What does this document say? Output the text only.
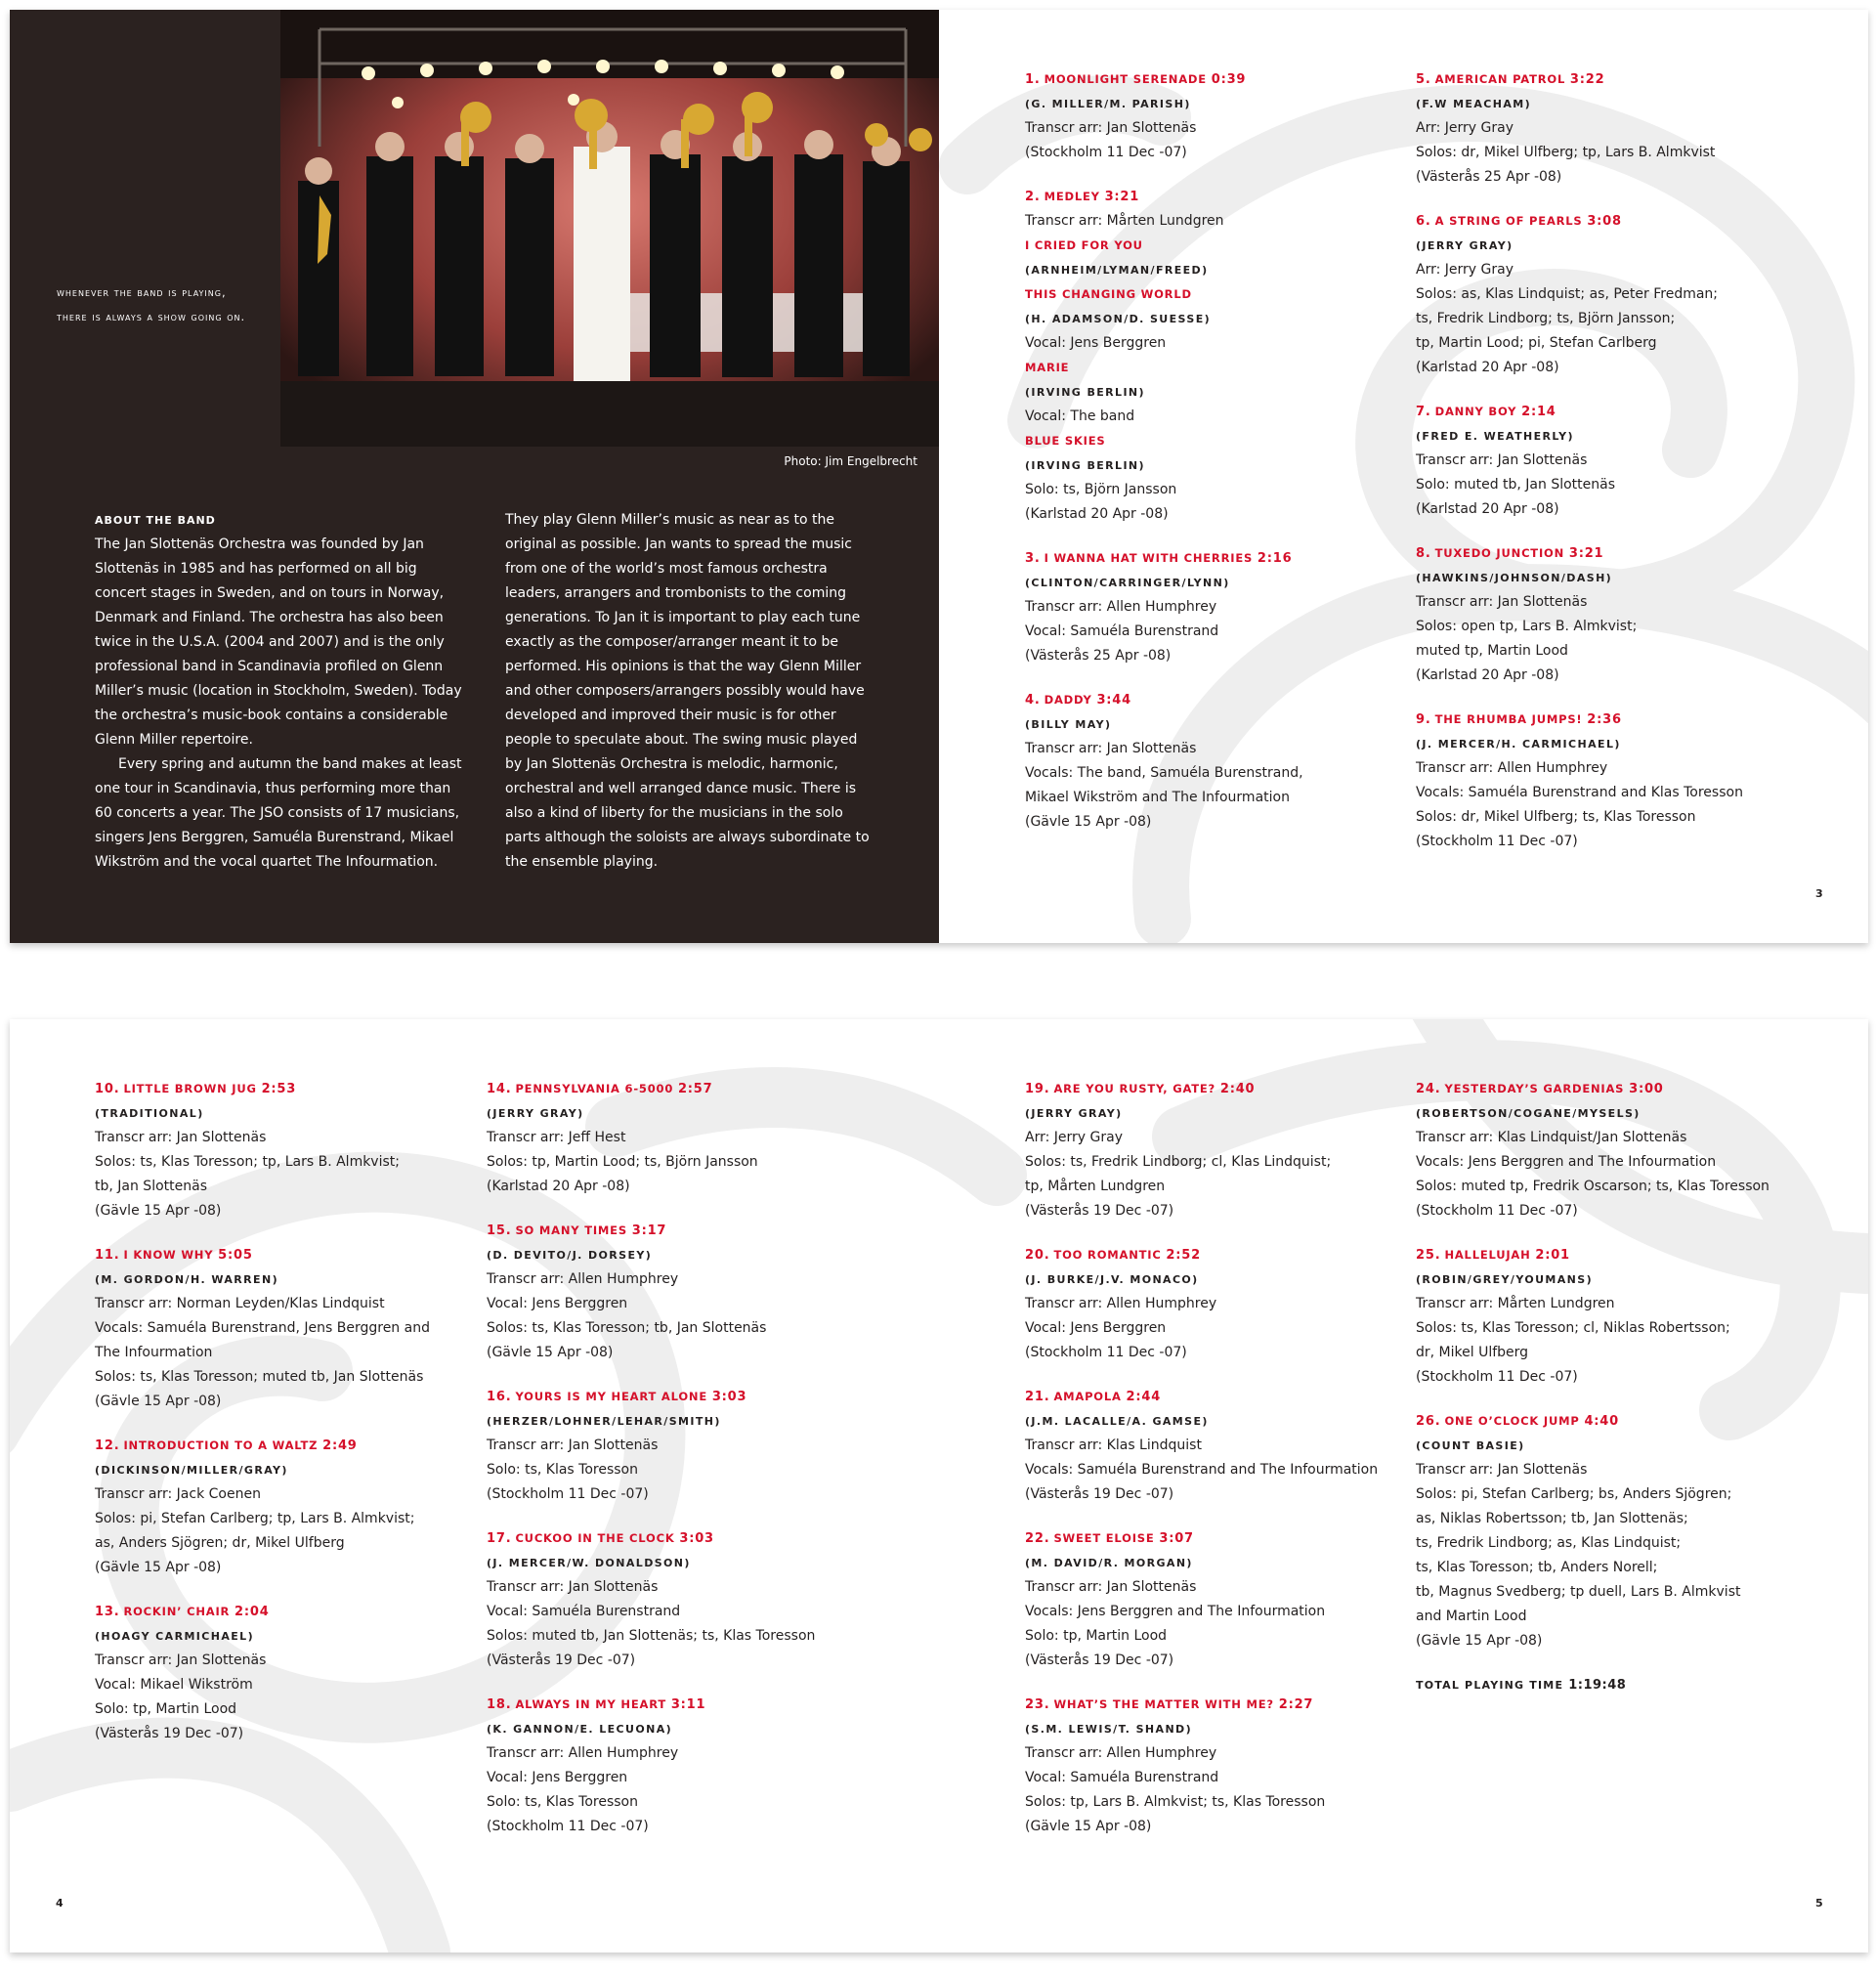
whenever the band is playing, there is always a show going on.
Photo: Jim Engelbrecht
ABOUT THE BAND

The Jan Slottenäs Orchestra was founded by Jan Slottenäs in 1985 and has performed on all big concert stages in Sweden, and on tours in Norway, Denmark and Finland. The orchestra has also been twice in the U.S.A. (2004 and 2007) and is the only professional band in Scandinavia profiled on Glenn Miller’s music (location in Stockholm, Sweden). Today the orchestra’s music-book contains a considerable Glenn Miller repertoire.

Every spring and autumn the band makes at least one tour in Scandinavia, thus performing more than 60 concerts a year. The JSO consists of 17 musicians, singers Jens Berggren, Samuéla Burenstrand, Mikael Wikström and the vocal quartet The Infourmation. They play Glenn Miller’s music as near as to the original as possible. Jan wants to spread the music from one of the world’s most famous orchestra leaders, arrangers and trombonists to the coming generations. To Jan it is important to play each tune exactly as the composer/arranger meant it to be performed. His opinions is that the way Glenn Miller and other composers/arrangers possibly would have developed and improved their music is for other people to speculate about. The swing music played by Jan Slottenäs Orchestra is melodic, harmonic, orchestral and well arranged dance music. There is also a kind of liberty for the musicians in the solo parts although the soloists are always subordinate to the ensemble playing.

1. MOONLIGHT SERENADE 0:39
(G. MILLER/M. PARISH)
Transcr arr: Jan Slottenäs
(Stockholm 11 Dec -07)
2. MEDLEY 3:21
Transcr arr: Mårten Lundgren
I CRIED FOR YOU
(ARNHEIM/LYMAN/FREED)
THIS CHANGING WORLD
(H. ADAMSON/D. SUESSE)
Vocal: Jens Berggren
MARIE
(IRVING BERLIN)
Vocal: The band
BLUE SKIES
(IRVING BERLIN)
Solo: ts, Björn Jansson
(Karlstad 20 Apr -08)
3. I WANNA HAT WITH CHERRIES 2:16
(CLINTON/CARRINGER/LYNN)
Transcr arr: Allen Humphrey
Vocal: Samuéla Burenstrand
(Västerås 25 Apr -08)
4. DADDY 3:44
(BILLY MAY)
Transcr arr: Jan Slottenäs
Vocals: The band, Samuéla Burenstrand,
Mikael Wikström and The Infourmation
(Gävle 15 Apr -08)
5. AMERICAN PATROL 3:22
(F.W MEACHAM)
Arr: Jerry Gray
Solos: dr, Mikel Ulfberg; tp, Lars B. Almkvist
(Västerås 25 Apr -08)
6. A STRING OF PEARLS 3:08
(JERRY GRAY)
Arr: Jerry Gray
Solos: as, Klas Lindquist; as, Peter Fredman;
ts, Fredrik Lindborg; ts, Björn Jansson;
tp, Martin Lood; pi, Stefan Carlberg
(Karlstad 20 Apr -08)
7. DANNY BOY 2:14
(FRED E. WEATHERLY)
Transcr arr: Jan Slottenäs
Solo: muted tb, Jan Slottenäs
(Karlstad 20 Apr -08)
8. TUXEDO JUNCTION 3:21
(HAWKINS/JOHNSON/DASH)
Transcr arr: Jan Slottenäs
Solos: open tp, Lars B. Almkvist;
muted tp, Martin Lood
(Karlstad 20 Apr -08)
9. THE RHUMBA JUMPS! 2:36
(J. MERCER/H. CARMICHAEL)
Transcr arr: Allen Humphrey
Vocals: Samuéla Burenstrand and Klas Toresson
Solos: dr, Mikel Ulfberg; ts, Klas Toresson
(Stockholm 11 Dec -07)
3
10. LITTLE BROWN JUG 2:53
(TRADITIONAL)
Transcr arr: Jan Slottenäs
Solos: ts, Klas Toresson; tp, Lars B. Almkvist;
tb, Jan Slottenäs
(Gävle 15 Apr -08)
11. I KNOW WHY 5:05
(M. GORDON/H. WARREN)
Transcr arr: Norman Leyden/Klas Lindquist
Vocals: Samuéla Burenstrand, Jens Berggren and
The Infourmation
Solos: ts, Klas Toresson; muted tb, Jan Slottenäs
(Gävle 15 Apr -08)
12. INTRODUCTION TO A WALTZ 2:49
(DICKINSON/MILLER/GRAY)
Transcr arr: Jack Coenen
Solos: pi, Stefan Carlberg; tp, Lars B. Almkvist;
as, Anders Sjögren; dr, Mikel Ulfberg
(Gävle 15 Apr -08)
13. ROCKIN’ CHAIR 2:04
(HOAGY CARMICHAEL)
Transcr arr: Jan Slottenäs
Vocal: Mikael Wikström
Solo: tp, Martin Lood
(Västerås 19 Dec -07)
14. PENNSYLVANIA 6-5000 2:57
(JERRY GRAY)
Transcr arr: Jeff Hest
Solos: tp, Martin Lood; ts, Björn Jansson
(Karlstad 20 Apr -08)
15. SO MANY TIMES 3:17
(D. DEVITO/J. DORSEY)
Transcr arr: Allen Humphrey
Vocal: Jens Berggren
Solos: ts, Klas Toresson; tb, Jan Slottenäs
(Gävle 15 Apr -08)
16. YOURS IS MY HEART ALONE 3:03
(HERZER/LOHNER/LEHAR/SMITH)
Transcr arr: Jan Slottenäs
Solo: ts, Klas Toresson
(Stockholm 11 Dec -07)
17. CUCKOO IN THE CLOCK 3:03
(J. MERCER/W. DONALDSON)
Transcr arr: Jan Slottenäs
Vocal: Samuéla Burenstrand
Solos: muted tb, Jan Slottenäs; ts, Klas Toresson
(Västerås 19 Dec -07)
18. ALWAYS IN MY HEART 3:11
(K. GANNON/E. LECUONA)
Transcr arr: Allen Humphrey
Vocal: Jens Berggren
Solo: ts, Klas Toresson
(Stockholm 11 Dec -07)
19. ARE YOU RUSTY, GATE? 2:40
(JERRY GRAY)
Arr: Jerry Gray
Solos: ts, Fredrik Lindborg; cl, Klas Lindquist;
tp, Mårten Lundgren
(Västerås 19 Dec -07)
20. TOO ROMANTIC 2:52
(J. BURKE/J.V. MONACO)
Transcr arr: Allen Humphrey
Vocal: Jens Berggren
(Stockholm 11 Dec -07)
21. AMAPOLA 2:44
(J.M. LACALLE/A. GAMSE)
Transcr arr: Klas Lindquist
Vocals: Samuéla Burenstrand and The Infourmation
(Västerås 19 Dec -07)
22. SWEET ELOISE 3:07
(M. DAVID/R. MORGAN)
Transcr arr: Jan Slottenäs
Vocals: Jens Berggren and The Infourmation
Solo: tp, Martin Lood
(Västerås 19 Dec -07)
23. WHAT’S THE MATTER WITH ME? 2:27
(S.M. LEWIS/T. SHAND)
Transcr arr: Allen Humphrey
Vocal: Samuéla Burenstrand
Solos: tp, Lars B. Almkvist; ts, Klas Toresson
(Gävle 15 Apr -08)
24. YESTERDAY’S GARDENIAS 3:00
(ROBERTSON/COGANE/MYSELS)
Transcr arr: Klas Lindquist/Jan Slottenäs
Vocals: Jens Berggren and The Infourmation
Solos: muted tp, Fredrik Oscarson; ts, Klas Toresson
(Stockholm 11 Dec -07)
25. HALLELUJAH 2:01
(ROBIN/GREY/YOUMANS)
Transcr arr: Mårten Lundgren
Solos: ts, Klas Toresson; cl, Niklas Robertsson;
dr, Mikel Ulfberg
(Stockholm 11 Dec -07)
26. ONE O’CLOCK JUMP 4:40
(COUNT BASIE)
Transcr arr: Jan Slottenäs
Solos: pi, Stefan Carlberg; bs, Anders Sjögren;
as, Niklas Robertsson; tb, Jan Slottenäs;
ts, Fredrik Lindborg; as, Klas Lindquist;
ts, Klas Toresson; tb, Anders Norell;
tb, Magnus Svedberg; tp duell, Lars B. Almkvist
and Martin Lood
(Gävle 15 Apr -08)
TOTAL PLAYING TIME 1:19:48
4	5
